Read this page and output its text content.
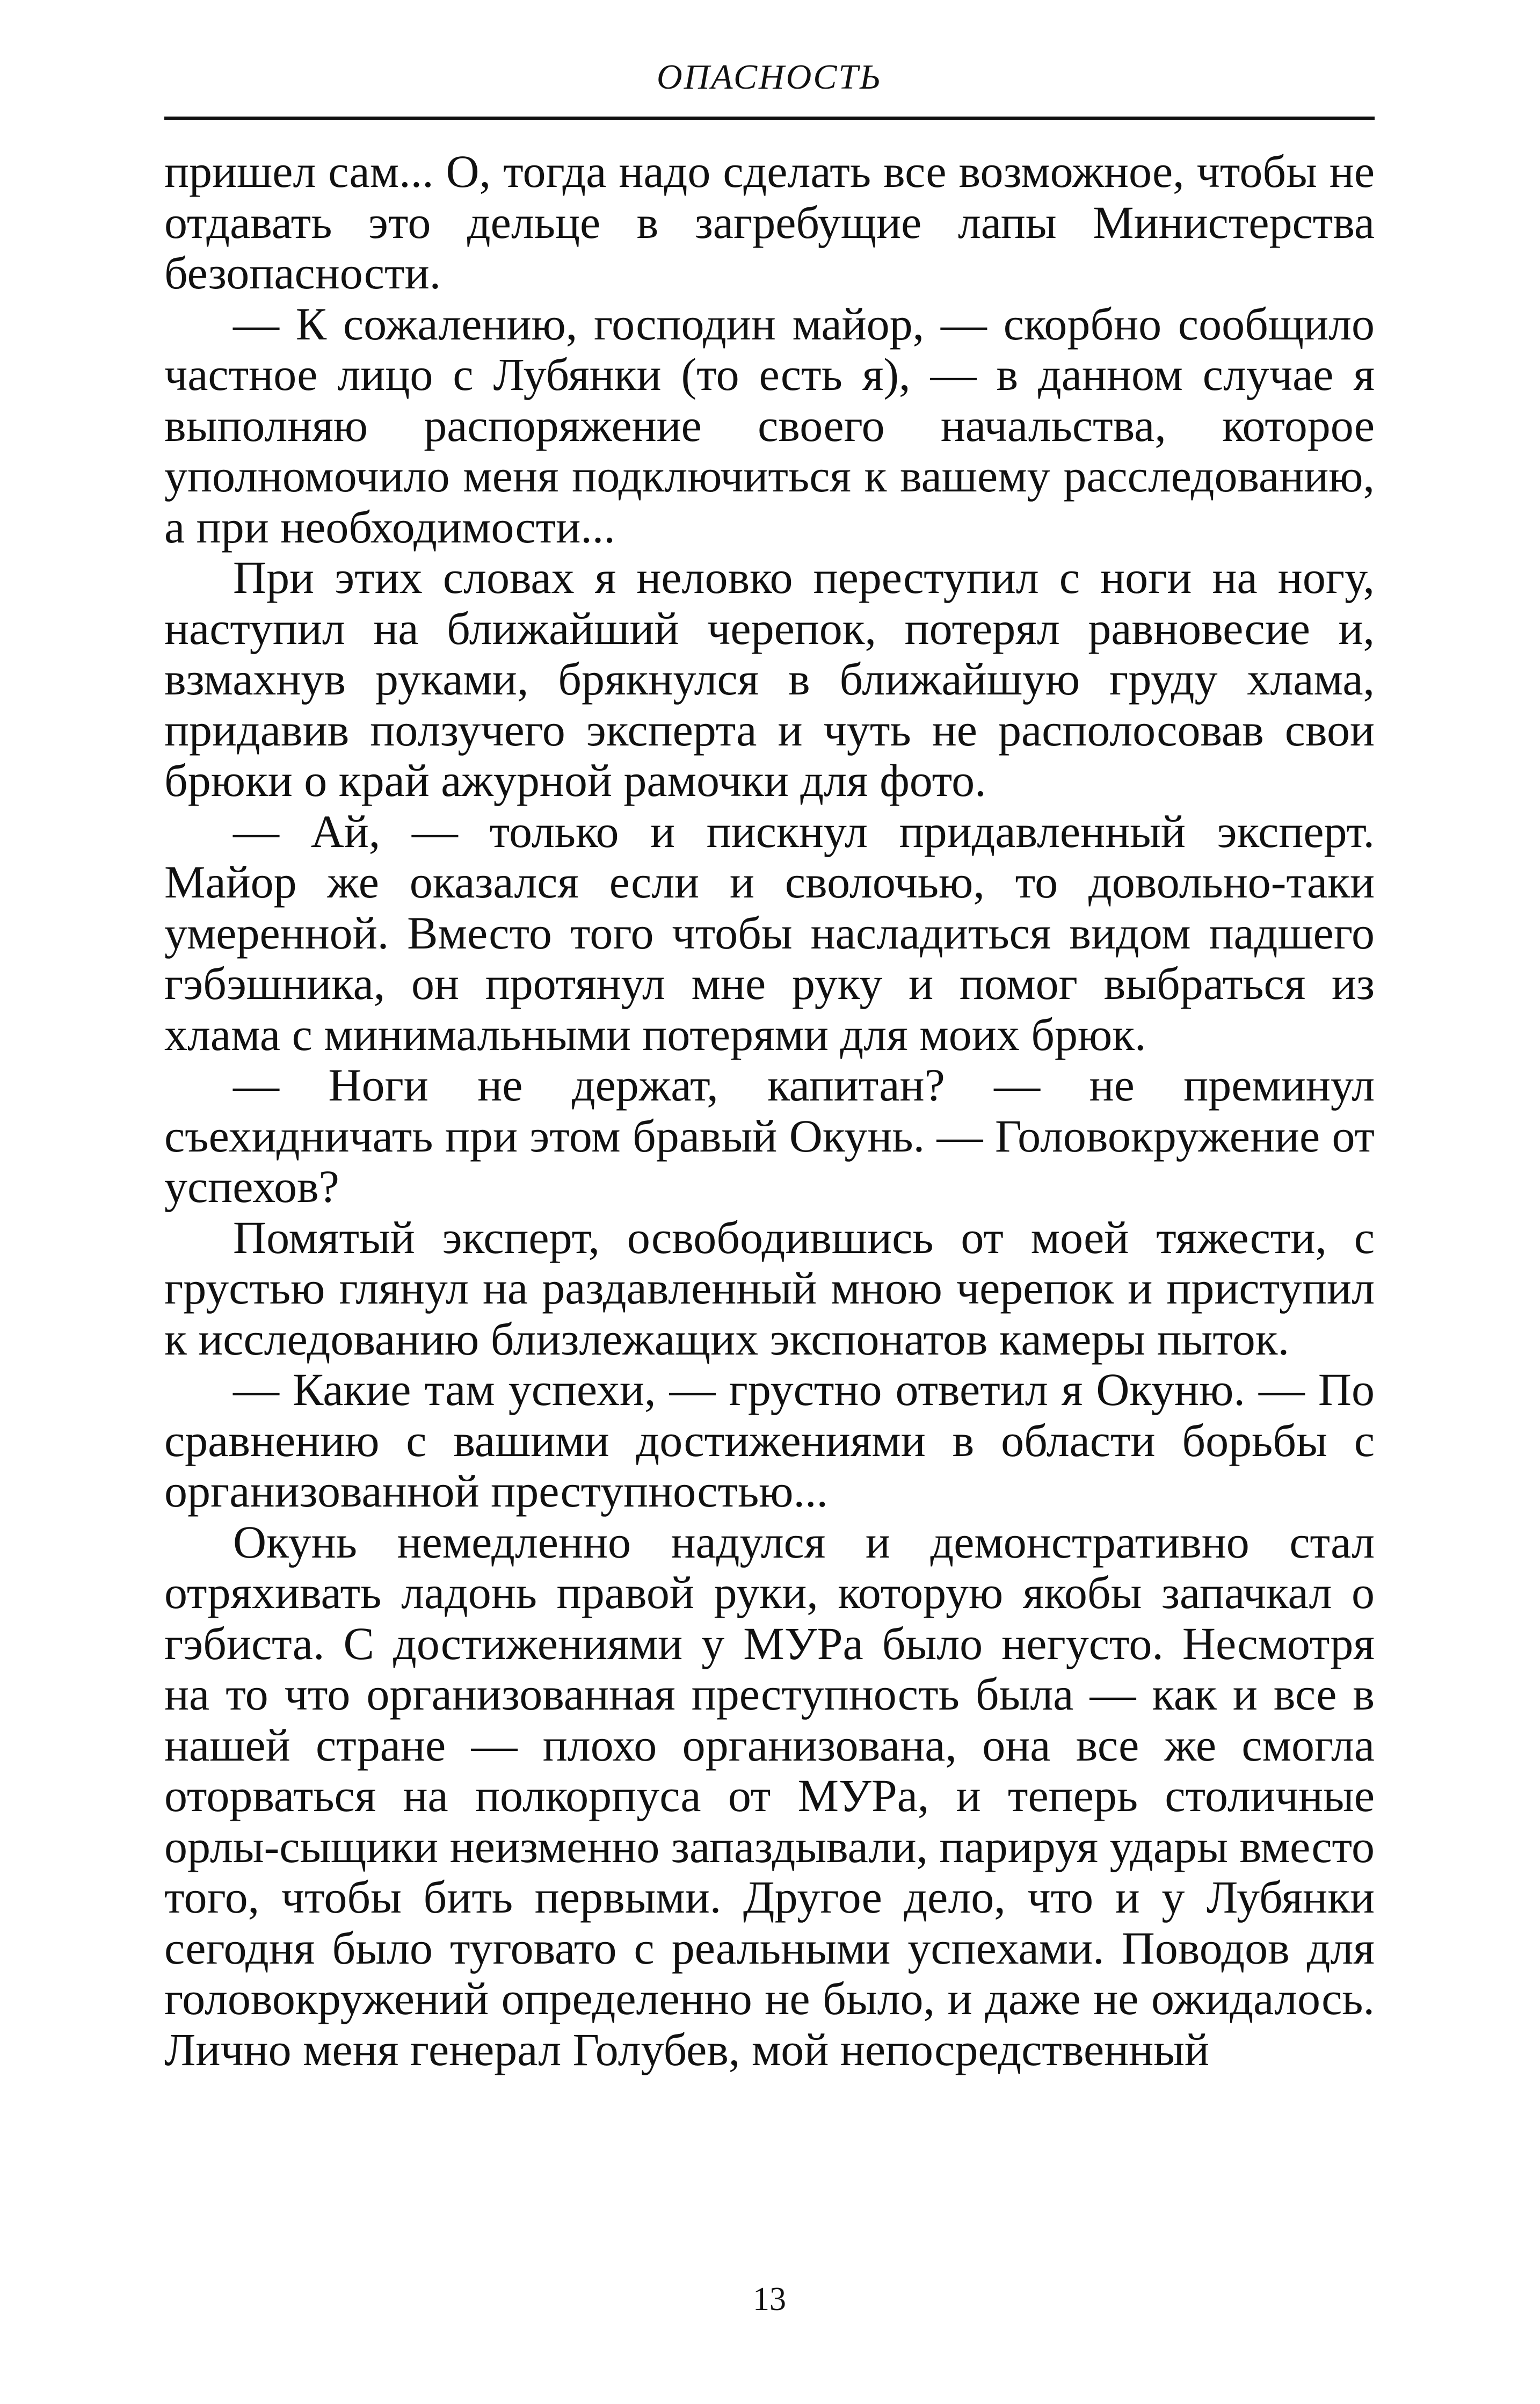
ОПАСНОСТЬ

пришел сам... О, тогда надо сделать все возможное, чтобы не отдавать это дельце в загребущие лапы Министерства безопасности.

— К сожалению, господин майор, — скорбно сообщило частное лицо с Лубянки (то есть я), — в данном случае я выполняю распоряжение своего начальства, которое уполномочило меня подключиться к вашему расследованию, а при необходимости...

При этих словах я неловко переступил с ноги на ногу, наступил на ближайший черепок, потерял равновесие и, взмахнув руками, брякнулся в ближайшую груду хлама, придавив ползучего эксперта и чуть не располосовав свои брюки о край ажурной рамочки для фото.

— Ай, — только и пискнул придавленный эксперт. Майор же оказался если и сволочью, то довольно-таки умеренной. Вместо того чтобы насладиться видом падшего гэбэшника, он протянул мне руку и помог выбраться из хлама с минимальными потерями для моих брюк.

— Ноги не держат, капитан? — не преминул съехидничать при этом бравый Окунь. — Головокружение от успехов?

Помятый эксперт, освободившись от моей тяжести, с грустью глянул на раздавленный мною черепок и приступил к исследованию близлежащих экспонатов камеры пыток.

— Какие там успехи, — грустно ответил я Окуню. — По сравнению с вашими достижениями в области борьбы с организованной преступностью...

Окунь немедленно надулся и демонстративно стал отряхивать ладонь правой руки, которую якобы запачкал о гэбиста. С достижениями у МУРа было негусто. Несмотря на то что организованная преступность была — как и все в нашей стране — плохо организована, она все же смогла оторваться на полкорпуса от МУРа, и теперь столичные орлы-сыщики неизменно запаздывали, парируя удары вместо того, чтобы бить первыми. Другое дело, что и у Лубянки сегодня было туговато с реальными успехами. Поводов для головокружений определенно не было, и даже не ожидалось. Лично меня генерал Голубев, мой непосредственный

13
